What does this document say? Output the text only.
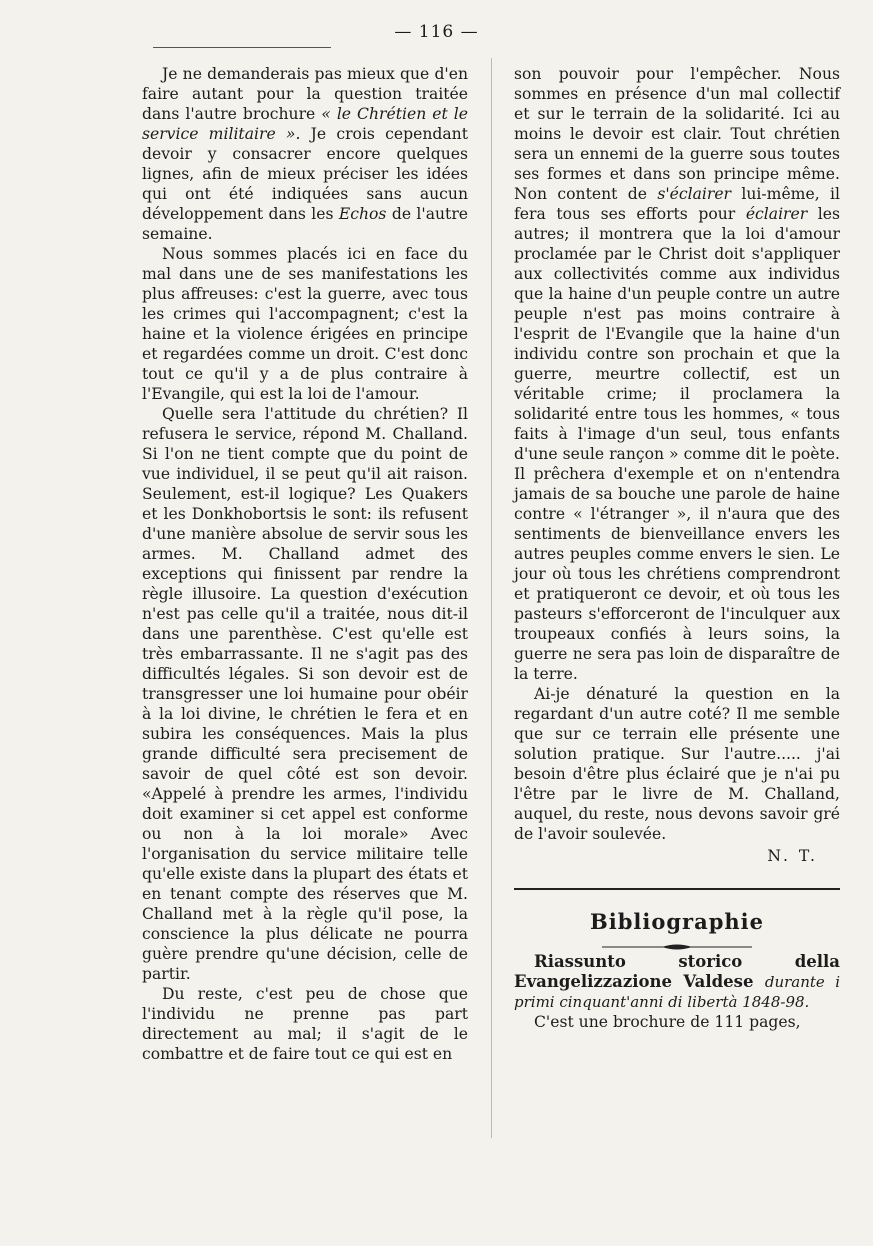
— 116 —

Je ne demanderais pas mieux que d'en faire autant pour la question traitée dans l'autre brochure « le Chrétien et le service militaire ». Je crois cependant devoir y consacrer encore quelques lignes, afin de mieux préciser les idées qui ont été indiquées sans aucun développement dans les Echos de l'autre semaine.

Nous sommes placés ici en face du mal dans une de ses manifestations les plus affreuses: c'est la guerre, avec tous les crimes qui l'accompagnent; c'est la haine et la violence érigées en principe et regardées comme un droit. C'est donc tout ce qu'il y a de plus contraire à l'Evangile, qui est la loi de l'amour.

Quelle sera l'attitude du chrétien? Il refusera le service, répond M. Challand. Si l'on ne tient compte que du point de vue individuel, il se peut qu'il ait raison. Seulement, est-il logique? Les Quakers et les Donkhobortsis le sont: ils refusent d'une manière absolue de servir sous les armes. M. Challand admet des exceptions qui finissent par rendre la règle illusoire. La question d'exécution n'est pas celle qu'il a traitée, nous dit-il dans une parenthèse. C'est qu'elle est très embarrassante. Il ne s'agit pas des difficultés légales. Si son devoir est de transgresser une loi humaine pour obéir à la loi divine, le chrétien le fera et en subira les conséquences. Mais la plus grande difficulté sera precisement de savoir de quel côté est son devoir. «Appelé à prendre les armes, l'individu doit examiner si cet appel est conforme ou non à la loi morale» Avec l'organisation du service militaire telle qu'elle existe dans la plupart des états et en tenant compte des réserves que M. Challand met à la règle qu'il pose, la conscience la plus délicate ne pourra guère prendre qu'une décision, celle de partir.

Du reste, c'est peu de chose que l'individu ne prenne pas part directement au mal; il s'agit de le combattre et de faire tout ce qui est en

son pouvoir pour l'empêcher. Nous sommes en présence d'un mal collectif et sur le terrain de la solidarité. Ici au moins le devoir est clair. Tout chrétien sera un ennemi de la guerre sous toutes ses formes et dans son principe même. Non content de s'éclairer lui-même, il fera tous ses efforts pour éclairer les autres; il montrera que la loi d'amour proclamée par le Christ doit s'appliquer aux collectivités comme aux individus que la haine d'un peuple contre un autre peuple n'est pas moins contraire à l'esprit de l'Evangile que la haine d'un individu contre son prochain et que la guerre, meurtre collectif, est un véritable crime; il proclamera la solidarité entre tous les hommes, « tous faits à l'image d'un seul, tous enfants d'une seule rançon » comme dit le poète. Il prêchera d'exemple et on n'entendra jamais de sa bouche une parole de haine contre « l'étranger », il n'aura que des sentiments de bienveillance envers les autres peuples comme envers le sien. Le jour où tous les chrétiens comprendront et pratiqueront ce devoir, et où tous les pasteurs s'efforceront de l'inculquer aux troupeaux confiés à leurs soins, la guerre ne sera pas loin de disparaître de la terre.

Ai-je dénaturé la question en la regardant d'un autre coté? Il me semble que sur ce terrain elle présente une solution pratique. Sur l'autre..... j'ai besoin d'être plus éclairé que je n'ai pu l'être par le livre de M. Challand, auquel, du reste, nous devons savoir gré de l'avoir soulevée.

N. T.
Bibliographie

Riassunto storico della Evangelizzazione Valdese durante i primi cinquant'anni di libertà 1848-98.

C'est une brochure de 111 pages,
